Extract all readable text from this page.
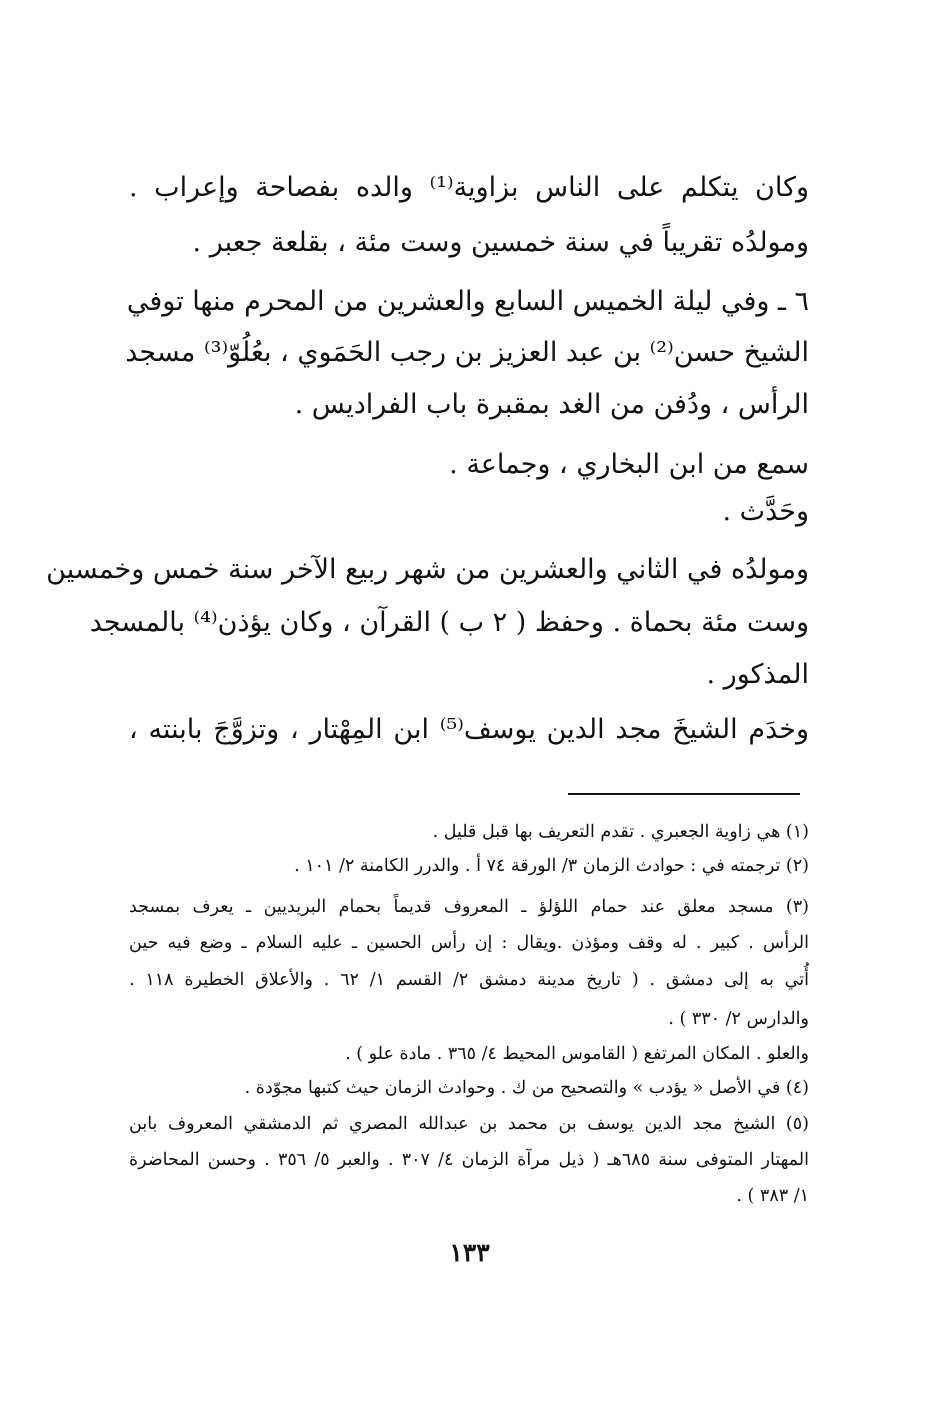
وكان يتكلم على الناس بزاوية⁽¹⁾ والده بفصاحة وإعراب .
ومولدُه تقريباً في سنة خمسين وست مئة ، بقلعة جعبر .
٦ ـ وفي ليلة الخميس السابع والعشرين من المحرم منها توفي
الشيخ حسن⁽²⁾ بن عبد العزيز بن رجب الحَمَوي ، بعُلُوّ⁽³⁾ مسجد
الرأس ، ودُفن من الغد بمقبرة باب الفراديس .
سمع من ابن البخاري ، وجماعة .
وحَدَّث .
ومولدُه في الثاني والعشرين من شهر ربيع الآخر سنة خمس وخمسين
وست مئة بحماة . وحفظ ( ٢ ب ) القرآن ، وكان يؤذن⁽⁴⁾ بالمسجد
المذكور .
وخدَم الشيخَ مجد الدين يوسف⁽⁵⁾ ابن المِهْتار ، وتزوَّجَ بابنته ،
(١) هي زاوية الجعبري . تقدم التعريف بها قبل قليل .
(٢) ترجمته في : حوادث الزمان ٣/ الورقة ٧٤ أ . والدرر الكامنة ٢/ ١٠١ .
(٣) مسجد معلق عند حمام اللؤلؤ ـ المعروف قديماً بحمام البريديين ـ يعرف بمسجد
الرأس . كبير . له وقف ومؤذن .ويقال : إن رأس الحسين ـ عليه السلام ـ وضع فيه حين
أُتي به إلى دمشق . ( تاريخ مدينة دمشق ٢/ القسم ١/ ٦٢ . والأعلاق الخطيرة ١١٨ .
والدارس ٢/ ٣٣٠ ) .
والعلو . المكان المرتفع ( القاموس المحيط ٤/ ٣٦٥ . مادة علو ) .
(٤) في الأصل « يؤدب » والتصحيح من ك . وحوادث الزمان حيث كتبها مجوّدة .
(٥) الشيخ مجد الدين يوسف بن محمد بن عبدالله المصري ثم الدمشقي المعروف بابن
المهتار المتوفى سنة ٦٨٥هـ ( ذيل مرآة الزمان ٤/ ٣٠٧ . والعبر ٥/ ٣٥٦ . وحسن المحاضرة
١/ ٣٨٣ ) .
١٣٣
